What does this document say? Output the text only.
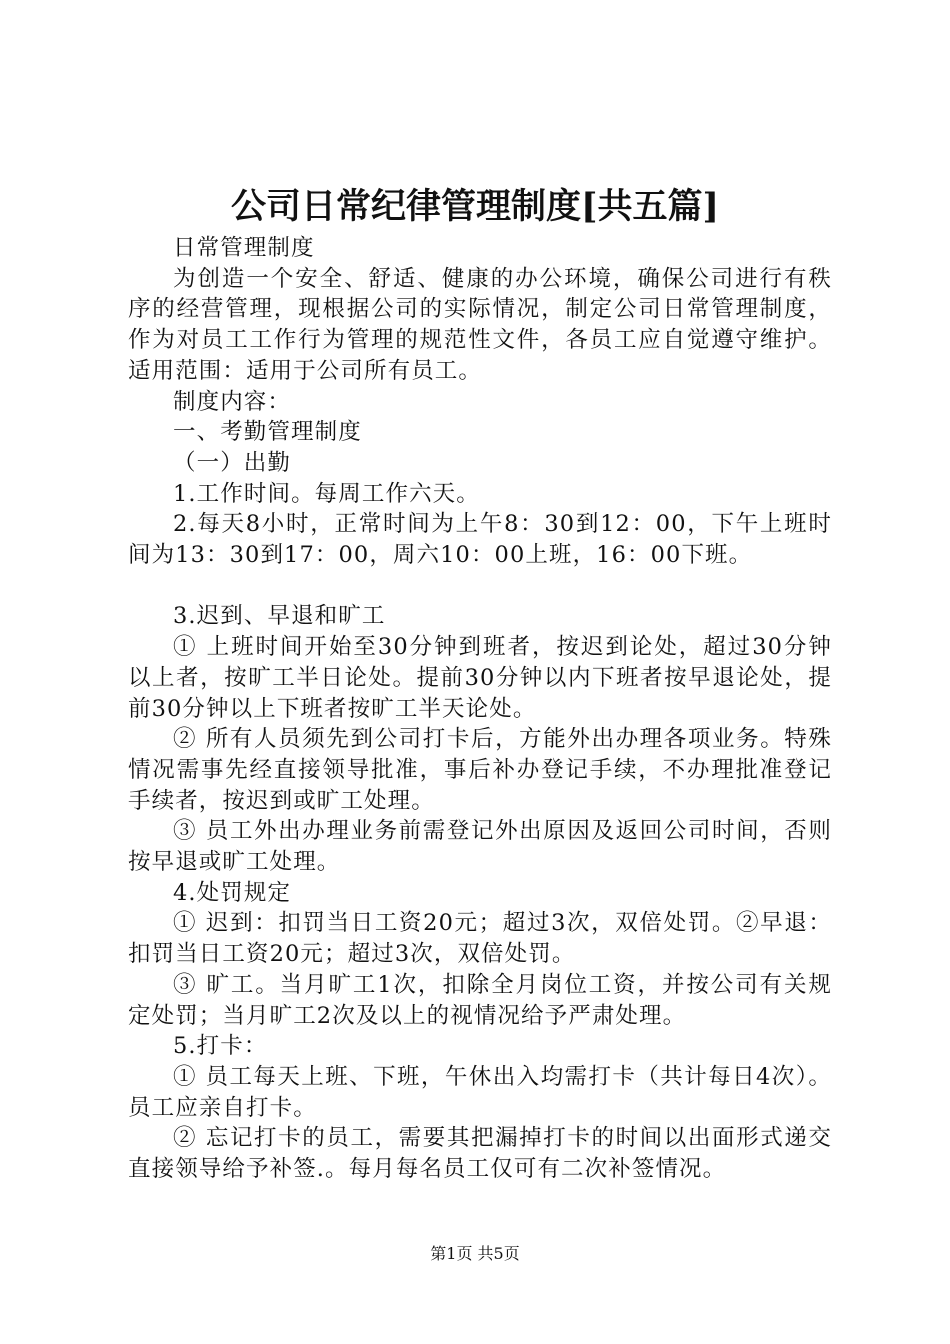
公司日常纪律管理制度[共五篇]

日常管理制度

为创造一个安全、舒适、健康的办公环境，确保公司进行有秩序的经营管理，现根据公司的实际情况，制定公司日常管理制度，作为对员工工作行为管理的规范性文件，各员工应自觉遵守维护。适用范围：适用于公司所有员工。

制度内容：

一、考勤管理制度

（一）出勤

1.工作时间。每周工作六天。

2.每天8小时，正常时间为上午8：30到12：00，下午上班时间为13：30到17：00，周六10：00上班，16：00下班。

3.迟到、早退和旷工

① 上班时间开始至30分钟到班者，按迟到论处，超过30分钟以上者，按旷工半日论处。提前30分钟以内下班者按早退论处，提前30分钟以上下班者按旷工半天论处。

② 所有人员须先到公司打卡后，方能外出办理各项业务。特殊情况需事先经直接领导批准，事后补办登记手续，不办理批准登记手续者，按迟到或旷工处理。

③ 员工外出办理业务前需登记外出原因及返回公司时间，否则按早退或旷工处理。

4.处罚规定

① 迟到：扣罚当日工资20元；超过3次，双倍处罚。②早退：扣罚当日工资20元；超过3次，双倍处罚。

③ 旷工。当月旷工1次，扣除全月岗位工资，并按公司有关规定处罚；当月旷工2次及以上的视情况给予严肃处理。

5.打卡：

① 员工每天上班、下班，午休出入均需打卡（共计每日4次）。员工应亲自打卡。

② 忘记打卡的员工，需要其把漏掉打卡的时间以出面形式递交直接领导给予补签.。每月每名员工仅可有二次补签情况。

第1页 共5页
